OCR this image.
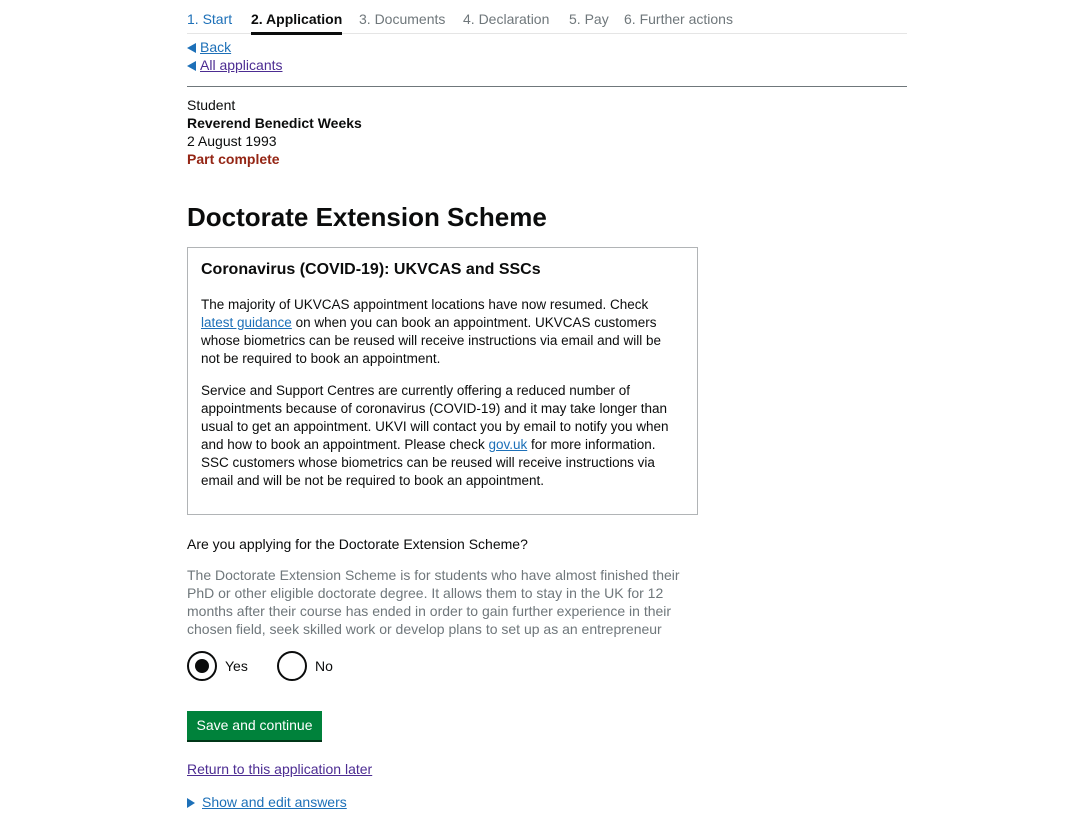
1. Start 2. Application 3. Documents 4. Declaration 5. Pay 6. Further actions
Back
All applicants
Student
Reverend Benedict Weeks
2 August 1993
Part complete
Doctorate Extension Scheme
Coronavirus (COVID-19): UKVCAS and SSCs

The majority of UKVCAS appointment locations have now resumed. Check latest guidance on when you can book an appointment. UKVCAS customers whose biometrics can be reused will receive instructions via email and will be not be required to book an appointment.

Service and Support Centres are currently offering a reduced number of appointments because of coronavirus (COVID-19) and it may take longer than usual to get an appointment. UKVI will contact you by email to notify you when and how to book an appointment. Please check gov.uk for more information. SSC customers whose biometrics can be reused will receive instructions via email and will be not be required to book an appointment.

Are you applying for the Doctorate Extension Scheme?

The Doctorate Extension Scheme is for students who have almost finished their PhD or other eligible doctorate degree. It allows them to stay in the UK for 12 months after their course has ended in order to gain further experience in their chosen field, seek skilled work or develop plans to set up as an entrepreneur

Yes	No
Save and continue
Return to this application later
Show and edit answers
